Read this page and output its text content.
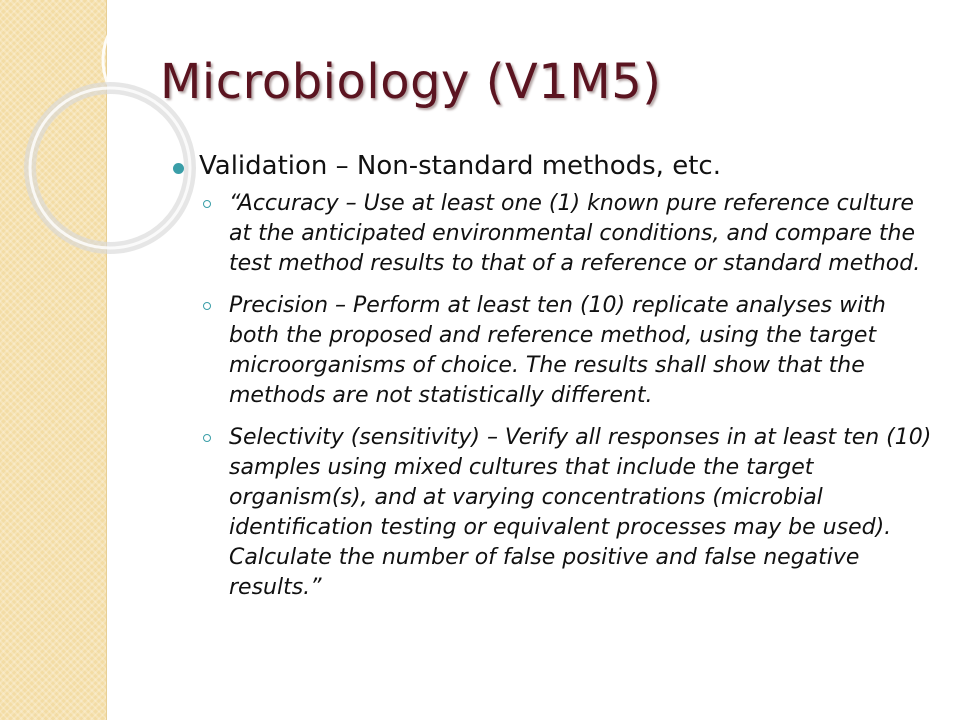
Microbiology (V1M5)
Validation – Non-standard methods, etc.
“Accuracy – Use at least one (1) known pure reference culture at the anticipated environmental conditions, and compare the test method results to that of a reference or standard method.
Precision – Perform at least ten (10) replicate analyses with both the proposed and reference method, using the target microorganisms of choice. The results shall show that the methods are not statistically different.
Selectivity (sensitivity) – Verify all responses in at least ten (10) samples using mixed cultures that include the target organism(s), and at varying concentrations (microbial identification testing or equivalent processes may be used). Calculate the number of false positive and false negative results.”
